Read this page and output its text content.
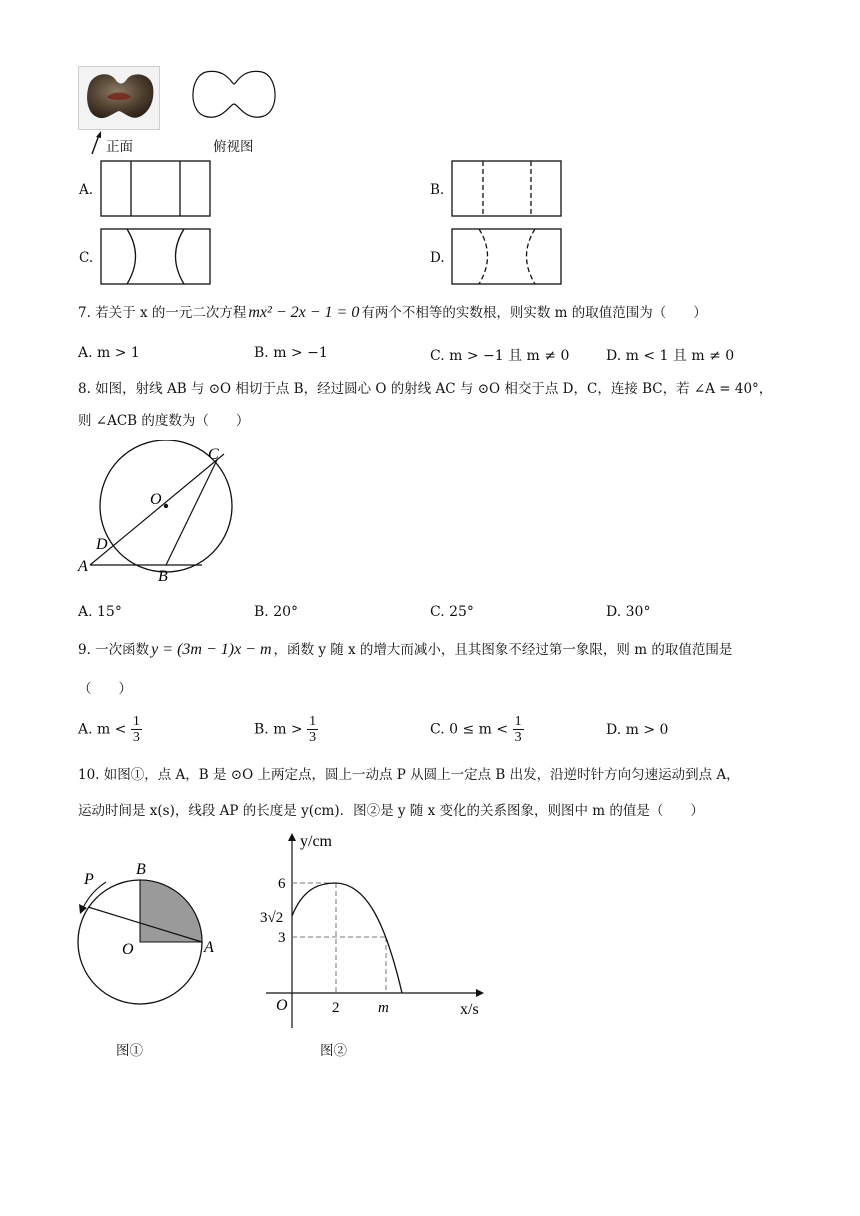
正面	俯视图
A.	B.
C.	D.
7. 若关于 x 的一元二次方程 mx² − 2x − 1 = 0 有两个不相等的实数根，则实数 m 的取值范围为（　　）
A. m > 1	B. m > −1	C. m > −1 且 m ≠ 0	D. m < 1 且 m ≠ 0
8. 如图，射线 AB 与 ⊙O 相切于点 B，经过圆心 O 的射线 AC 与 ⊙O 相交于点 D，C，连接 BC，若 ∠A = 40°，
则 ∠ACB 的度数为（　　）
C
O
D
A
B
A. 15°	B. 20°	C. 25°	D. 30°
9. 一次函数 y = (3m − 1)x − m ，函数 y 随 x 的增大而减小，且其图象不经过第一象限，则 m 的取值范围是
（　　）
A. $m < \frac{1}{3}$	B. $m > \frac{1}{3}$	C. $0 \le m < \frac{1}{3}$	D. m > 0
10. 如图①，点 A，B 是 ⊙O 上两定点，圆上一动点 P 从圆上一定点 B 出发，沿逆时针方向匀速运动到点 A，
运动时间是 x(s)，线段 AP 的长度是 y(cm)．图②是 y 随 x 变化的关系图象，则图中 m 的值是（　　）
P
B
O	A
图①
y/cm
x/s
O
6
3√2
3
2	m
图②
